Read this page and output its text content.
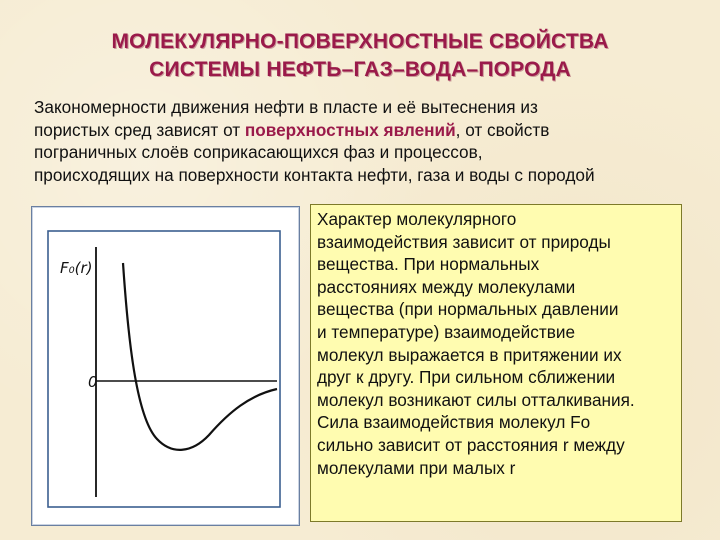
МОЛЕКУЛЯРНО-ПОВЕРХНОСТНЫЕ СВОЙСТВА
СИСТЕМЫ НЕФТЬ–ГАЗ–ВОДА–ПОРОДА
Закономерности движения нефти в пласте и её вытеснения из
пористых сред зависят от поверхностных явлений, от свойств
пограничных слоёв соприкасающихся фаз и процессов,
происходящих на поверхности контакта нефти, газа и воды с породой
F₀(r)
0
Характер молекулярного
взаимодействия зависит от природы
вещества. При нормальных
расстояниях между молекулами
вещества (при нормальных давлении
и температуре) взаимодействие
молекул выражается в притяжении их
друг к другу. При сильном сближении
молекул возникают силы отталкивания.
Сила взаимодействия молекул Fo
сильно зависит от расстояния r между
молекулами при малых r
